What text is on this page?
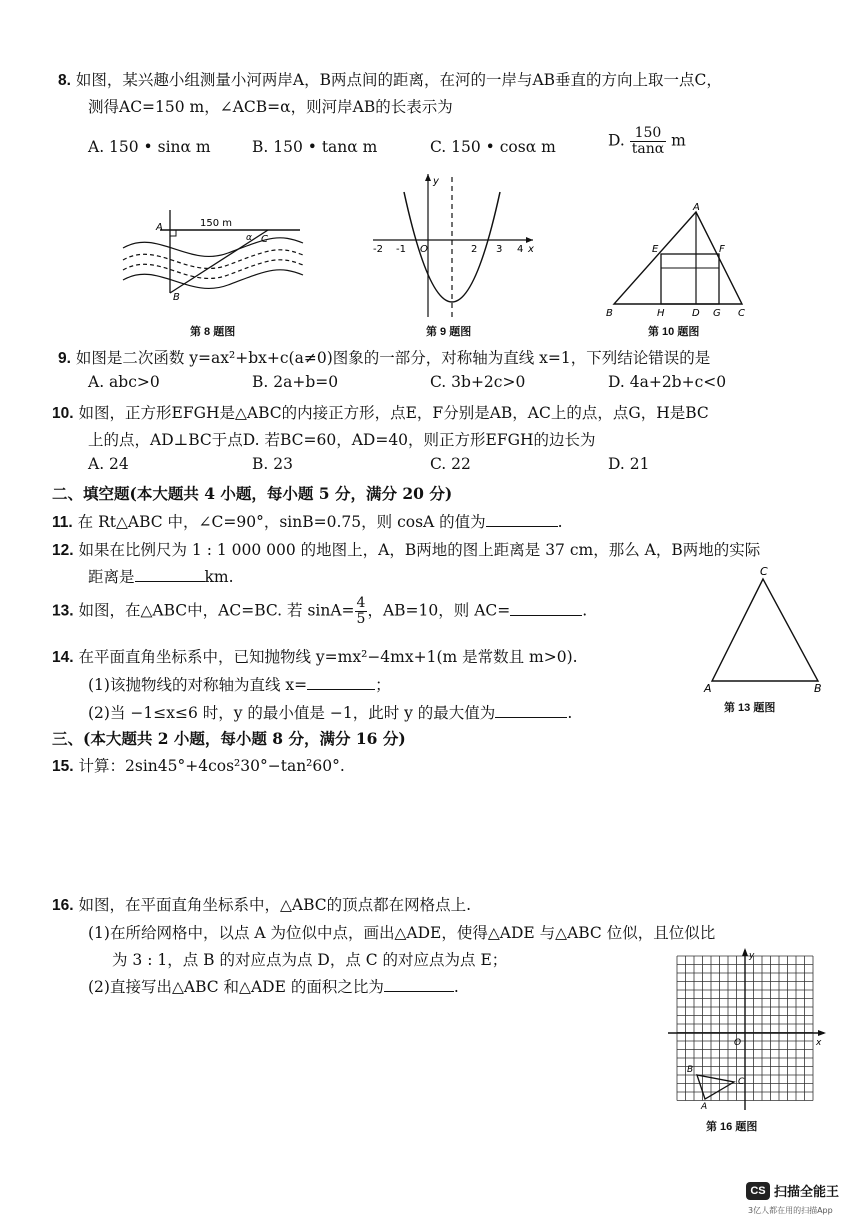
8. 如图，某兴趣小组测量小河两岸A，B两点间的距离，在河的一岸与AB垂直的方向上取一点C，
测得AC=150 m，∠ACB=α，则河岸AB的长表示为
A. 150 • sinα m	B. 150 • tanα m	C. 150 • cosα m	D. $\frac{150}{\tan\alpha}$ m
A
B
C
α
150 m
第 8 题图
y
x
-2 -1 O	2 3 4
第 9 题图
A
E	F
B	H	D G C
第 10 题图
9. 如图是二次函数 y=ax²+bx+c(a≠0)图象的一部分，对称轴为直线 x=1，下列结论错误的是
A. abc>0	B. 2a+b=0	C. 3b+2c>0	D. 4a+2b+c<0
10. 如图，正方形EFGH是△ABC的内接正方形，点E，F分别是AB，AC上的点，点G，H是BC
上的点，AD⊥BC于点D. 若BC=60，AD=40，则正方形EFGH的边长为
A. 24	B. 23	C. 22	D. 21
二、填空题(本大题共 4 小题，每小题 5 分，满分 20 分)
11. 在 Rt△ABC 中，∠C=90°，sinB=0.75，则 cosA 的值为	.
12. 如果在比例尺为 1 : 1 000 000 的地图上，A，B两地的图上距离是 37 cm，那么 A，B两地的实际
距离是	km.
13. 如图，在△ABC中，AC=BC. 若 $\sin A= \frac{4}{5}$ ，AB=10，则 AC=	.
C
A	B
第 13 题图
14. 在平面直角坐标系中，已知抛物线 y=mx²−4mx+1(m 是常数且 m>0).
(1)该抛物线的对称轴为直线 x=	；
(2)当 −1≤x≤6 时，y 的最小值是 −1，此时 y 的最大值为	.
三、(本大题共 2 小题，每小题 8 分，满分 16 分)
15. 计算：2sin45°+4cos²30°−tan²60°.
16. 如图，在平面直角坐标系中，△ABC的顶点都在网格点上.
(1)在所给网格中，以点 A 为位似中点，画出△ADE，使得△ADE 与△ABC 位似，且位似比
为 3 : 1，点 B 的对应点为点 D，点 C 的对应点为点 E；
(2)直接写出△ABC 和△ADE 的面积之比为	.
y
x
O
B
C
A
第 16 题图
CS 扫描全能王
3亿人都在用的扫描App
